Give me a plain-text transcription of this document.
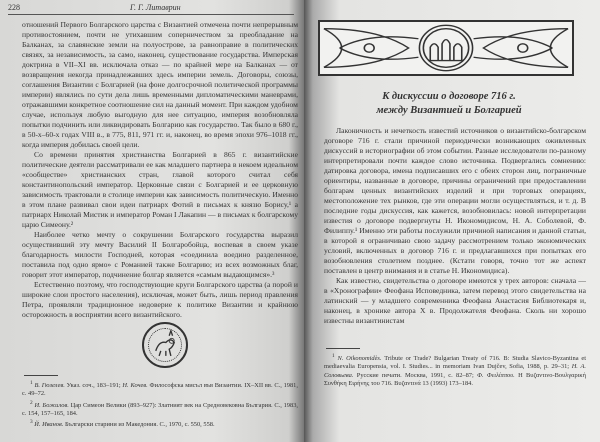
228	Г. Г. Литаврин

отношений Первого Болгарского царства с Византией отмечена почти непрерывным противостоянием, почти не утихавшим соперничеством за преобладание на Балканах, за славянские земли на полуострове, за равноправие в политических связях, за независимость, за само, наконец, существование государства. Имперская доктрина в VII–XI вв. исключала отказ — по крайней мере на Балканах — от возвращения некогда принадлежавших здесь империи земель. Договоры, союзы, соглашения Византии с Болгарией (на фоне долгосрочной политической программы империи) являлись по сути дела лишь временными дипломатическими маневрами, отражавшими конкретное соотношение сил на данный момент. При каждом удобном случае, используя любую выгодную для нее ситуацию, империя возобновляла попытки подчинить или ликвидировать Болгарию как государство. Так было в 680 г., в 50-х–60-х годах VIII в., в 775, 811, 971 гг. и, наконец, во время эпохи 976–1018 гг., когда империя добилась своей цели.

Со времени принятия христианства Болгарией в 865 г. византийские политические деятели рассматривали ее как младшего партнера в некоем идеальном «сообществе» христианских стран, главой которого считал себя константинопольский император. Церковные связи с Болгарией и ее церковную зависимость трактовали в столице империи как зависимость политическую. Именно в этом плане развивал свои идеи патриарх Фотий в письмах к князю Борису,¹ а патриарх Николай Мистик и император Роман I Лакапин — в письмах к болгарскому царю Симеону.²

Наиболее четко мечту о сокрушении Болгарского государства выразил осуществивший эту мечту Василий II Болгаробойца, воспевая в своем указе благодарность милости Господней, которая «соединила воедино разделенное, поставила под одно ярмо» с Романией также Болгарию; из всех возможных благ, говорит этот император, подчинение болгар является «самым выдающимся».³

Естественно поэтому, что господствующие круги Болгарского царства (а порой и широкие слои простого населения), исключая, может быть, лишь период правления Петра, проявляли традиционное недоверие к политике Византии и крайнюю осторожность в восприятии всего византийского.

$^1$ В. Гюзелев. Указ. соч., 183–191; Н. Кочев. Философска мисъл във Византии. IX–XII вв. С., 1981, с. 49–72.

$^2$ И. Божилов. Цар Симеон Велики (893–927): Златният век на Средновековна България. С., 1983, с. 154, 157–165, 184.

$^3$ Й. Иванов. Български старини из Македония. С., 1970, с. 550, 558.

К дискуссии о договоре 716 г.
между Византией и Болгарией

Лаконичность и нечеткость известий источников о византийско-болгарском договоре 716 г. стали причиной периодически возникающих оживленных дискуссий в историографии об этом событии. Разные исследователи по-разному интерпретировали почти каждое слово источника. Подвергались сомнению: датировка договора, имена подписавших его с обеих сторон лиц, пограничные ориентиры, названные в договоре, причины ограничений при предоставлении болгарам ценных византийских изделий и при торговых операциях, местоположение тех рынков, где эти операции могли осуществляться, и т. д. В последние годы дискуссия, как кажется, возобновилась: новой интерпретации известия о договоре подвергнуты Н. Икономидисом, Н. А. Соболевой, Ф. Филиппу.¹ Именно эти работы послужили причиной написания и данной статьи, в которой я ограничиваю свою задачу рассмотрением только экономических условий, включенных в договор 716 г. и предлагавшихся при попытках его возобновления столетием позднее. (Кстати говоря, точно тот же аспект поставлен в центр внимания и в статье Н. Икономидиса).

Как известно, свидетельства о договоре имеются у трех авторов: сначала — в «Хронографии» Феофана Исповедника, затем перевод этого свидетельства на латинский — у младшего современника Феофана Анастасия Библиотекаря и, наконец, в хронике автора X в. Продолжателя Феофана. Сколь ни хорошо известны византинистам

$^1$ N. Oikonomidès. Tribute or Trade? Bulgarian Treaty of 716. В: Studia Slavico-Byzantina et mediaevalia Europensia, vol. I. Studies... in memoriam Ivan Dujčev, Sofia, 1988, p. 29–31; Н. А. Соловьева. Русские печати. Москва, 1991, с. 82–87; Φ. Φειλίππου. Η Βυζαντινο-Βουλγαρική Συνθήκη Ειρήνης του 716. Βυζαντινά 13 (1993) 173–184.
